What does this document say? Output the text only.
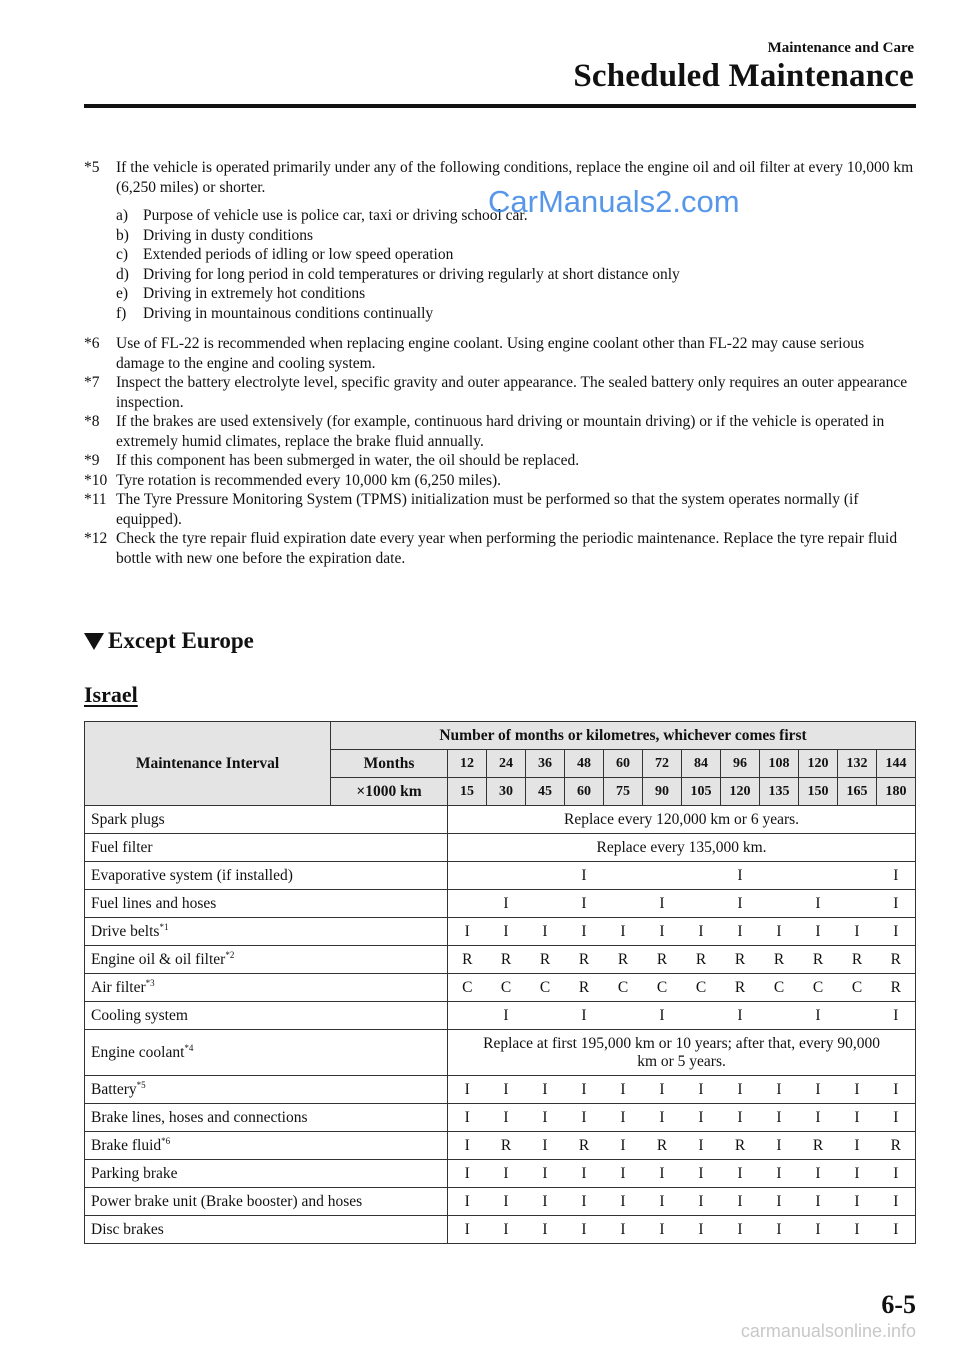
Maintenance and Care
Scheduled Maintenance
*5	If the vehicle is operated primarily under any of the following conditions, replace the engine oil and oil filter at every 10,000 km (6,250 miles) or shorter.
a) Purpose of vehicle use is police car, taxi or driving school car.
b) Driving in dusty conditions
c) Extended periods of idling or low speed operation
d) Driving for long period in cold temperatures or driving regularly at short distance only
e) Driving in extremely hot conditions
f)	Driving in mountainous conditions continually
*6	Use of FL-22 is recommended when replacing engine coolant. Using engine coolant other than FL-22 may cause serious damage to the engine and cooling system.
*7	Inspect the battery electrolyte level, specific gravity and outer appearance. The sealed battery only requires an outer appearance inspection.
*8	If the brakes are used extensively (for example, continuous hard driving or mountain driving) or if the vehicle is operated in extremely humid climates, replace the brake fluid annually.
*9	If this component has been submerged in water, the oil should be replaced.
*10 Tyre rotation is recommended every 10,000 km (6,250 miles).
*11 The Tyre Pressure Monitoring System (TPMS) initialization must be performed so that the system operates normally (if equipped).
*12 Check the tyre repair fluid expiration date every year when performing the periodic maintenance. Replace the tyre repair fluid bottle with new one before the expiration date.
CarManuals2.com
Except Europe
Israel
Maintenance Interval	Number of months or kilometres, whichever comes first												
	Months	12	24	36	48	60	72	84	96	108	120	132	144
	×1000 km	15	30	45	60	75	90	105	120	135	150	165	180
Spark plugs		Replace every 120,000 km or 6 years.											
Fuel filter		Replace every 135,000 km.											
Evaporative system (if installed)					I				I				I
Fuel lines and hoses			I		I		I		I		I		I
Drive belts$^{*1}$		I	I	I	I	I	I	I	I	I	I	I	I
Engine oil & oil filter$^{*2}$		R	R	R	R	R	R	R	R	R	R	R	R
Air filter$^{*3}$		C	C	C	R	C	C	C	R	C	C	C	R
Cooling system			I		I		I		I		I		I
Engine coolant$^{*4}$		Replace at first 195,000 km or 10 years; after that, every 90,000 km or 5 years.											
Battery$^{*5}$		I	I	I	I	I	I	I	I	I	I	I	I
Brake lines, hoses and connections		I	I	I	I	I	I	I	I	I	I	I	I
Brake fluid$^{*6}$		I	R	I	R	I	R	I	R	I	R	I	R
Parking brake		I	I	I	I	I	I	I	I	I	I	I	I
Power brake unit (Brake booster) and hoses		I	I	I	I	I	I	I	I	I	I	I	I
Disc brakes		I	I	I	I	I	I	I	I	I	I	I	I
6-5
carmanualsonline.info
